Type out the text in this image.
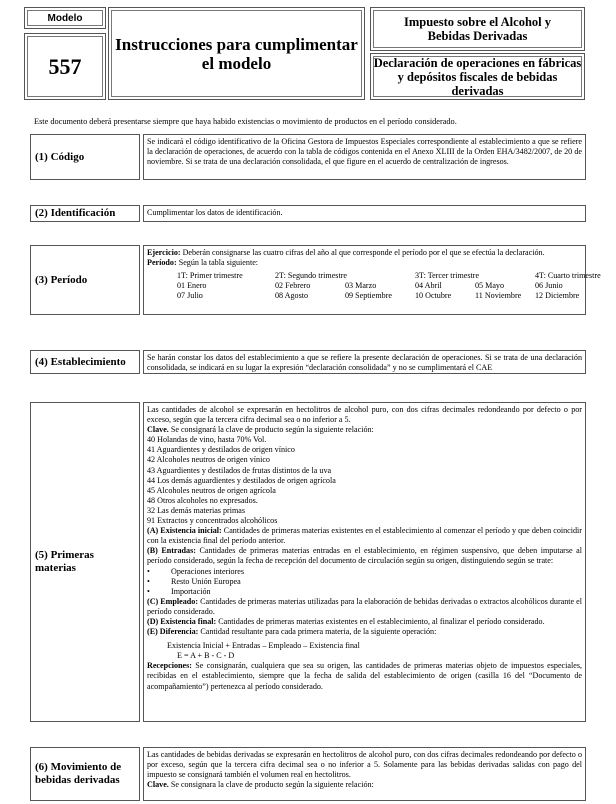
Modelo
557
Instrucciones para cumplimentar
el modelo
Impuesto sobre el Alcohol y
Bebidas Derivadas
Declaración de operaciones en fábricas
y depósitos fiscales de bebidas
derivadas
Este documento deberá presentarse siempre que haya habido existencias o movimiento de productos en el período considerado.
(1) Código

Se indicará el código identificativo de la Oficina Gestora de Impuestos Especiales correspondiente al establecimiento a que se refiere la declaración de operaciones, de acuerdo con la tabla de códigos contenida en el Anexo XLIII de la Orden EHA/3482/2007, de 20 de noviembre. Si se trata de una declaración consolidada, el que figure en el acuerdo de centralización de ingresos.

(2) Identificación	Cumplimentar los datos de identificación.

(3) Período

Ejercicio: Deberán consignarse las cuatro cifras del año al que corresponde el período por el que se efectúa la declaración.

Período: Según la tabla siguiente:

1T: Primer trimestre	2T: Segundo trimestre	3T: Tercer trimestre	4T: Cuarto trimestre
01 Enero	02 Febrero	03 Marzo	04 Abril	05 Mayo	06 Junio
07 Julio	08 Agosto	09 Septiembre	10 Octubre	11 Noviembre	12 Diciembre
(4) Establecimiento	Se harán constar los datos del establecimiento a que se refiere la presente declaración de operaciones. Si se trata de una declaración consolidada, se indicará en su lugar la expresión “declaración consolidada” y no se cumplimentará el CAE

(5) Primeras
materias

Las cantidades de alcohol se expresarán en hectolitros de alcohol puro, con dos cifras decimales redondeando por defecto o por exceso, según que la tercera cifra decimal sea o no inferior a 5.

Clave. Se consignará la clave de producto según la siguiente relación:

40 Holandas de vino, hasta 70% Vol.

41 Aguardientes y destilados de origen vínico

42 Alcoholes neutros de origen vínico

43 Aguardientes y destilados de frutas distintos de la uva

44 Los demás aguardientes y destilados de origen agrícola

45 Alcoholes neutros de origen agrícola

48 Otros alcoholes no expresados.

32 Las demás materias primas

91 Extractos y concentrados alcohólicos

(A) Existencia inicial: Cantidades de primeras materias existentes en el establecimiento al comenzar el período y que deben coincidir con la existencia final del período anterior.

(B) Entradas: Cantidades de primeras materias entradas en el establecimiento, en régimen suspensivo, que deben imputarse al período considerado, según la fecha de recepción del documento de circulación según su origen, distinguiendo según se trate:

•	Operaciones interiores
•	Resto Unión Europea
•	Importación

(C) Empleado: Cantidades de primeras materias utilizadas para la elaboración de bebidas derivadas o extractos alcohólicos durante el período considerado.

(D) Existencia final: Cantidades de primeras materias existentes en el establecimiento, al finalizar el período considerado.

(E) Diferencia: Cantidad resultante para cada primera materia, de la siguiente operación:

Existencia Inicial + Entradas – Empleado – Existencia final

E = A + B - C - D

Recepciones: Se consignarán, cualquiera que sea su origen, las cantidades de primeras materias objeto de impuestos especiales, recibidas en el establecimiento, siempre que la fecha de salida del establecimiento de origen (casilla 16 del “Documento de acompañamiento”) pertenezca al período considerado.

(6) Movimiento de
bebidas derivadas

Las cantidades de bebidas derivadas se expresarán en hectolitros de alcohol puro, con dos cifras decimales redondeando por defecto o por exceso, según que la tercera cifra decimal sea o no inferior a 5. Solamente para las bebidas derivadas salidas con pago del impuesto se consignará también el volumen real en hectolitros.

Clave. Se consignara la clave de producto según la siguiente relación:
